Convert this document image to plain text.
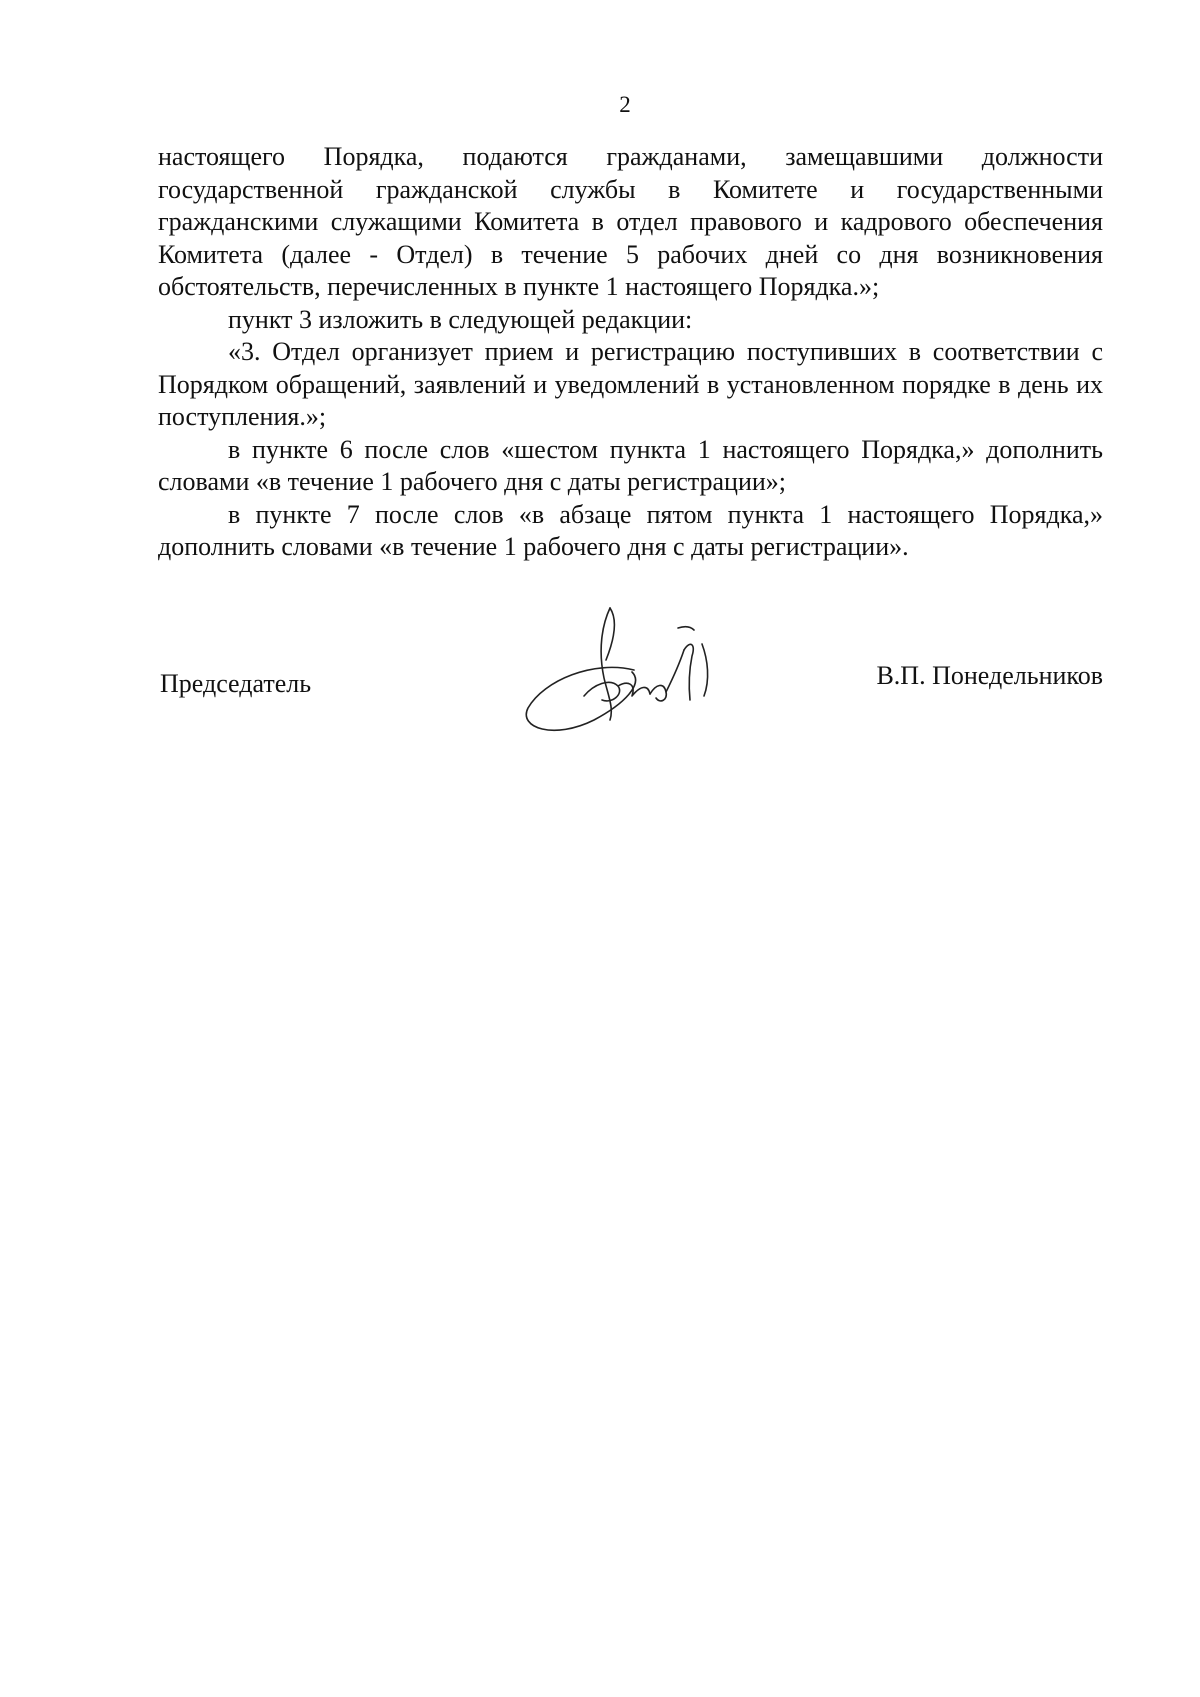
2

настоящего Порядка, подаются гражданами, замещавшими должности государственной гражданской службы в Комитете и государственными гражданскими служащими Комитета в отдел правового и кадрового обеспечения Комитета (далее - Отдел) в течение 5 рабочих дней со дня возникновения обстоятельств, перечисленных в пункте 1 настоящего Порядка.»;

пункт 3 изложить в следующей редакции:

«3. Отдел организует прием и регистрацию поступивших в соответствии с Порядком обращений, заявлений и уведомлений в установленном порядке в день их поступления.»;

в пункте 6 после слов «шестом пункта 1 настоящего Порядка,» дополнить словами «в течение 1 рабочего дня с даты регистрации»;

в пункте 7 после слов «в абзаце пятом пункта 1 настоящего Порядка,» дополнить словами «в течение 1 рабочего дня с даты регистрации».

Председатель	В.П. Понедельников
